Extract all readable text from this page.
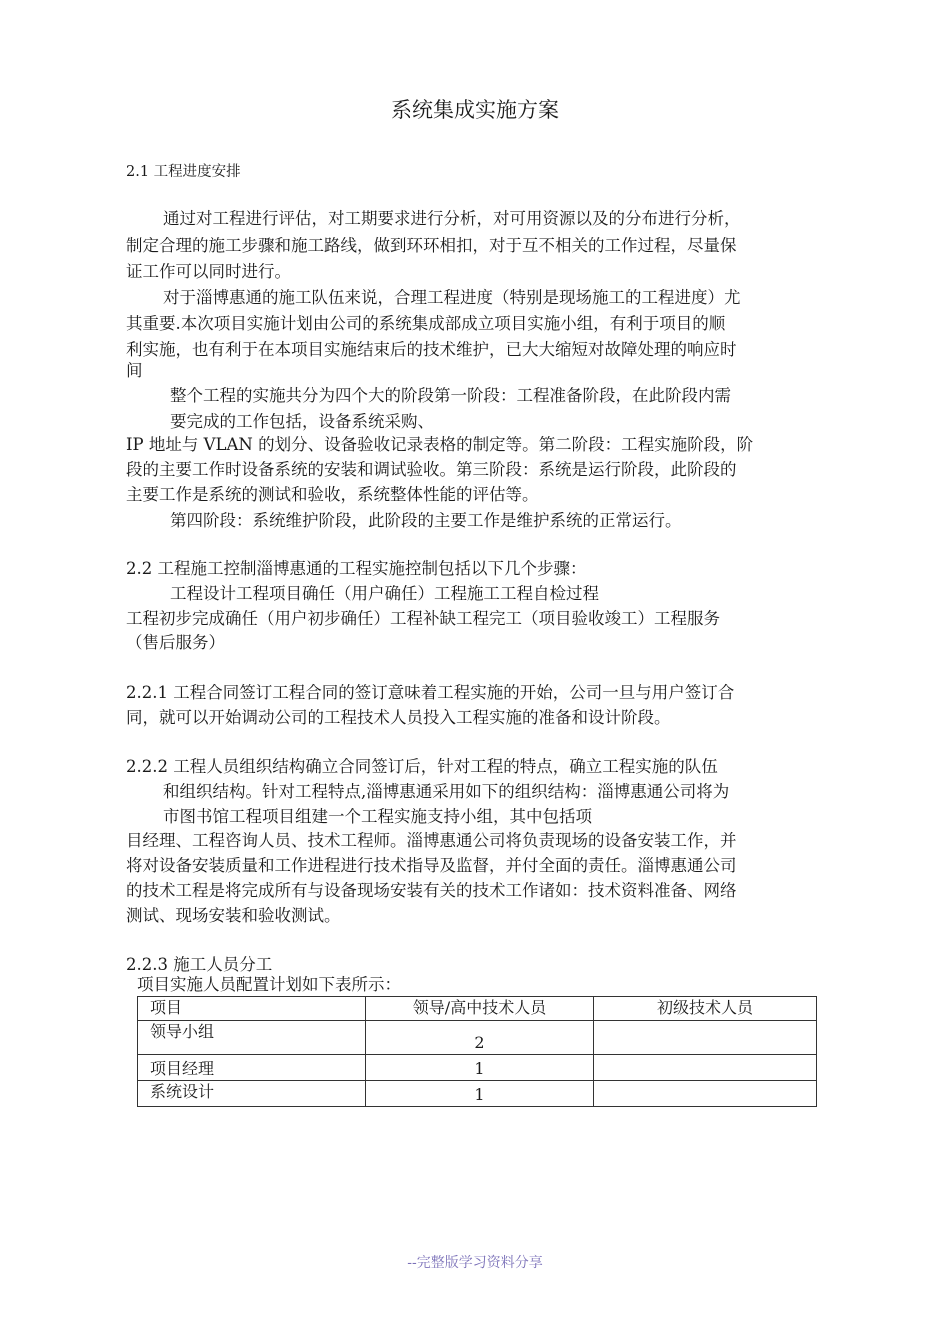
系统集成实施方案
2.1 工程进度安排
通过对工程进行评估，对工期要求进行分析，对可用资源以及的分布进行分析，
制定合理的施工步骤和施工路线，做到环环相扣，对于互不相关的工作过程，尽量保
证工作可以同时进行。
对于淄博惠通的施工队伍来说，合理工程进度（特别是现场施工的工程进度）尤
其重要.本次项目实施计划由公司的系统集成部成立项目实施小组，有利于项目的顺
利实施，也有利于在本项目实施结束后的技术维护，已大大缩短对故障处理的响应时
间
整个工程的实施共分为四个大的阶段第一阶段：工程准备阶段，在此阶段内需
要完成的工作包括，设备系统采购、
IP 地址与 VLAN 的划分、设备验收记录表格的制定等。第二阶段：工程实施阶段，阶
段的主要工作时设备系统的安装和调试验收。第三阶段：系统是运行阶段，此阶段的
主要工作是系统的测试和验收，系统整体性能的评估等。
第四阶段：系统维护阶段，此阶段的主要工作是维护系统的正常运行。
2.2 工程施工控制淄博惠通的工程实施控制包括以下几个步骤：
工程设计工程项目确任（用户确任）工程施工工程自检过程
工程初步完成确任（用户初步确任）工程补缺工程完工（项目验收竣工）工程服务
（售后服务）
2.2.1 工程合同签订工程合同的签订意味着工程实施的开始，公司一旦与用户签订合
同，就可以开始调动公司的工程技术人员投入工程实施的准备和设计阶段。
2.2.2 工程人员组织结构确立合同签订后，针对工程的特点，确立工程实施的队伍
和组织结构。针对工程特点,淄博惠通采用如下的组织结构：淄博惠通公司将为
市图书馆工程项目组建一个工程实施支持小组，其中包括项
目经理、工程咨询人员、技术工程师。淄博惠通公司将负责现场的设备安装工作，并
将对设备安装质量和工作进程进行技术指导及监督，并付全面的责任。淄博惠通公司
的技术工程是将完成所有与设备现场安装有关的技术工作诸如：技术资料准备、网络
测试、现场安装和验收测试。
2.2.3 施工人员分工
项目实施人员配置计划如下表所示：
项目	领导/高中技术人员	初级技术人员
领导小组	2	
项目经理	1	
系统设计	1	
--完整版学习资料分享
